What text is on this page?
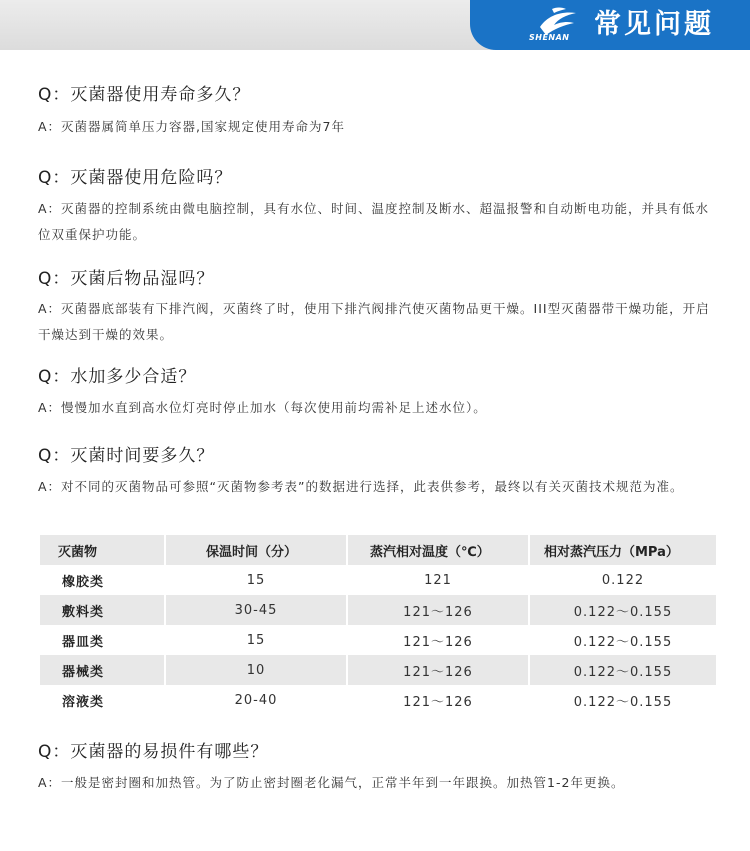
SHENAN 常见问题
Q：灭菌器使用寿命多久？
A：灭菌器属简单压力容器,国家规定使用寿命为7年
Q：灭菌器使用危险吗？
A：灭菌器的控制系统由微电脑控制，具有水位、时间、温度控制及断水、超温报警和自动断电功能，并具有低水位双重保护功能。
Q：灭菌后物品湿吗？
A：灭菌器底部装有下排汽阀，灭菌终了时，使用下排汽阀排汽使灭菌物品更干燥。III型灭菌器带干燥功能，开启干燥达到干燥的效果。
Q：水加多少合适？
A：慢慢加水直到高水位灯亮时停止加水（每次使用前均需补足上述水位）。
Q：灭菌时间要多久？
A：对不同的灭菌物品可参照“灭菌物参考表”的数据进行选择，此表供参考，最终以有关灭菌技术规范为准。
灭菌物	保温时间（分）	蒸汽相对温度（℃）	相对蒸汽压力（MPa）
橡胶类	15	121	0.122
敷料类	30-45	121～126	0.122～0.155
器皿类	15	121～126	0.122～0.155
器械类	10	121～126	0.122～0.155
溶液类	20-40	121～126	0.122～0.155
Q：灭菌器的易损件有哪些？
A：一般是密封圈和加热管。为了防止密封圈老化漏气，正常半年到一年跟换。加热管1-2年更换。
